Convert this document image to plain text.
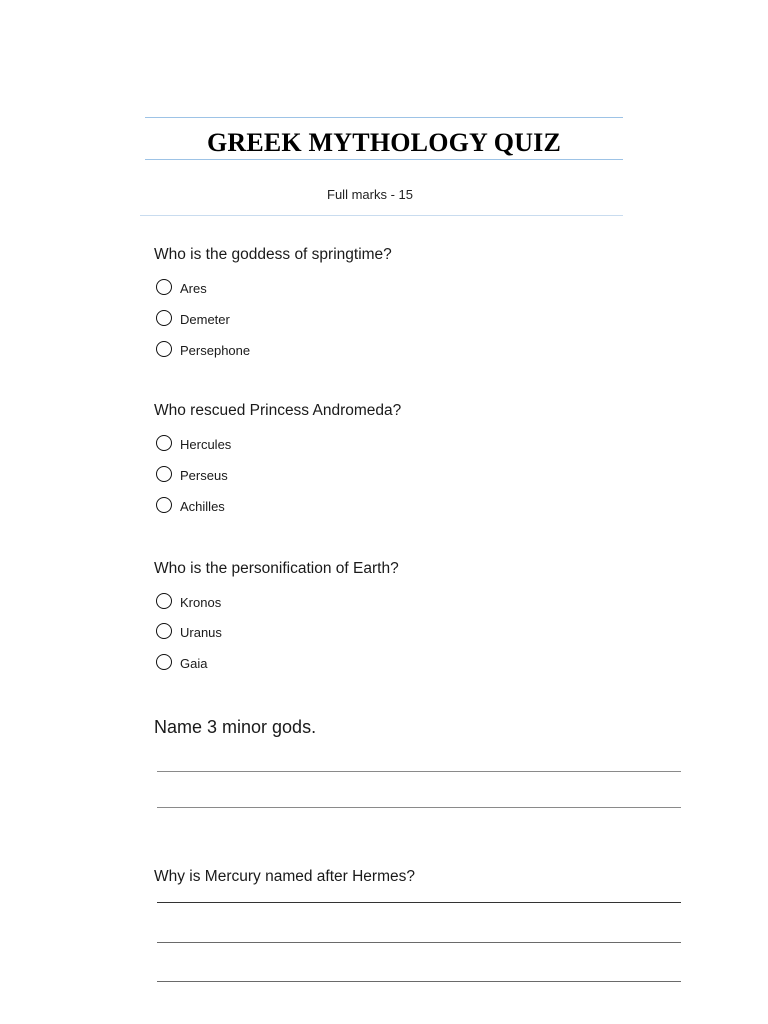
GREEK MYTHOLOGY QUIZ
Full marks - 15
Who is the goddess of springtime?
Ares
Demeter
Persephone
Who rescued Princess Andromeda?
Hercules
Perseus
Achilles
Who is the personification of Earth?
Kronos
Uranus
Gaia
Name 3 minor gods.
Why is Mercury named after Hermes?
